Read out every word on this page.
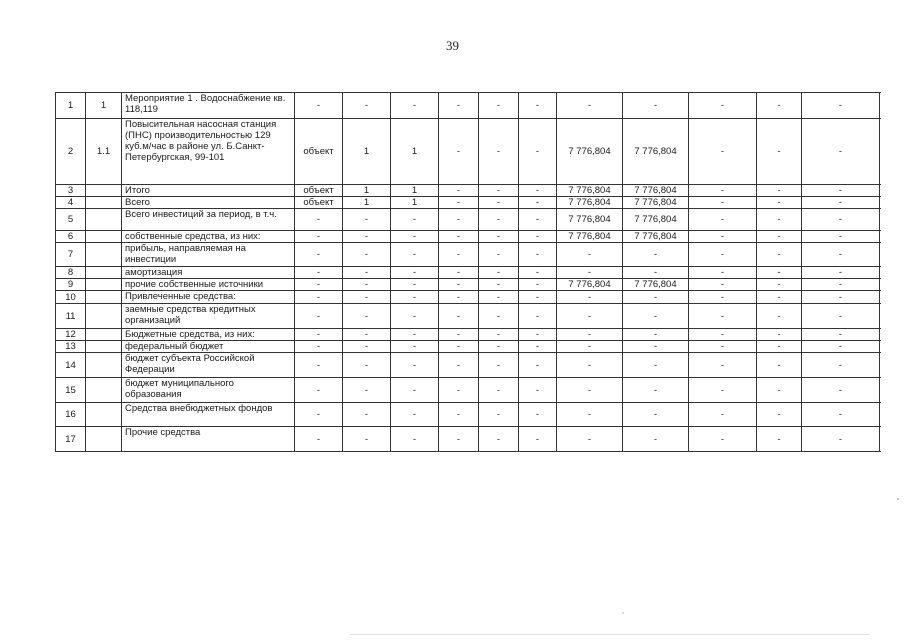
39
1	1	Мероприятие 1 . Водоснабжение кв. 118,119	-	-	-	-	-	-	-	-	-	-	-
2	1.1	Повысительная насосная станция (ПНС) производительностью 129 куб.м/час в районе ул. Б.Санкт-Петербургская, 99-101	объект	1	1	-	-	-	7 776,804	7 776,804	-	-	-
3		Итого	объект	1	1	-	-	-	7 776,804	7 776,804	-	-	-
4		Всего	объект	1	1	-	-	-	7 776,804	7 776,804	-	-	-
5		Всего инвестиций за период, в т.ч.	-	-	-	-	-	-	7 776,804	7 776,804	-	-	-
6		собственные средства, из них:	-	-	-	-	-	-	7 776,804	7 776,804	-	-	-
7		прибыль, направляемая на инвестиции	-	-	-	-	-	-	-	-	-	-	-
8		амортизация	-	-	-	-	-	-	-	-	-	-	-
9		прочие собственные источники	-	-	-	-	-	-	7 776,804	7 776,804	-	-	-
10		Привлеченные средства:	-	-	-	-	-	-	-	-	-	-	-
11		заемные средства кредитных организаций	-	-	-	-	-	-	-	-	-	-	-
12		Бюджетные средства, из них:	-	-	-	-	-	-	-	-	-	-	-
13		федеральный бюджет	-	-	-	-	-	-	-	-	-	-	-
14		бюджет субъекта Российской Федерации	-	-	-	-	-	-	-	-	-	-	-
15		бюджет муниципального образования	-	-	-	-	-	-	-	-	-	-	-
16		Средства внебюджетных фондов	-	-	-	-	-	-	-	-	-	-	-
17		Прочие средства	-	-	-	-	-	-	-	-	-	-	-
